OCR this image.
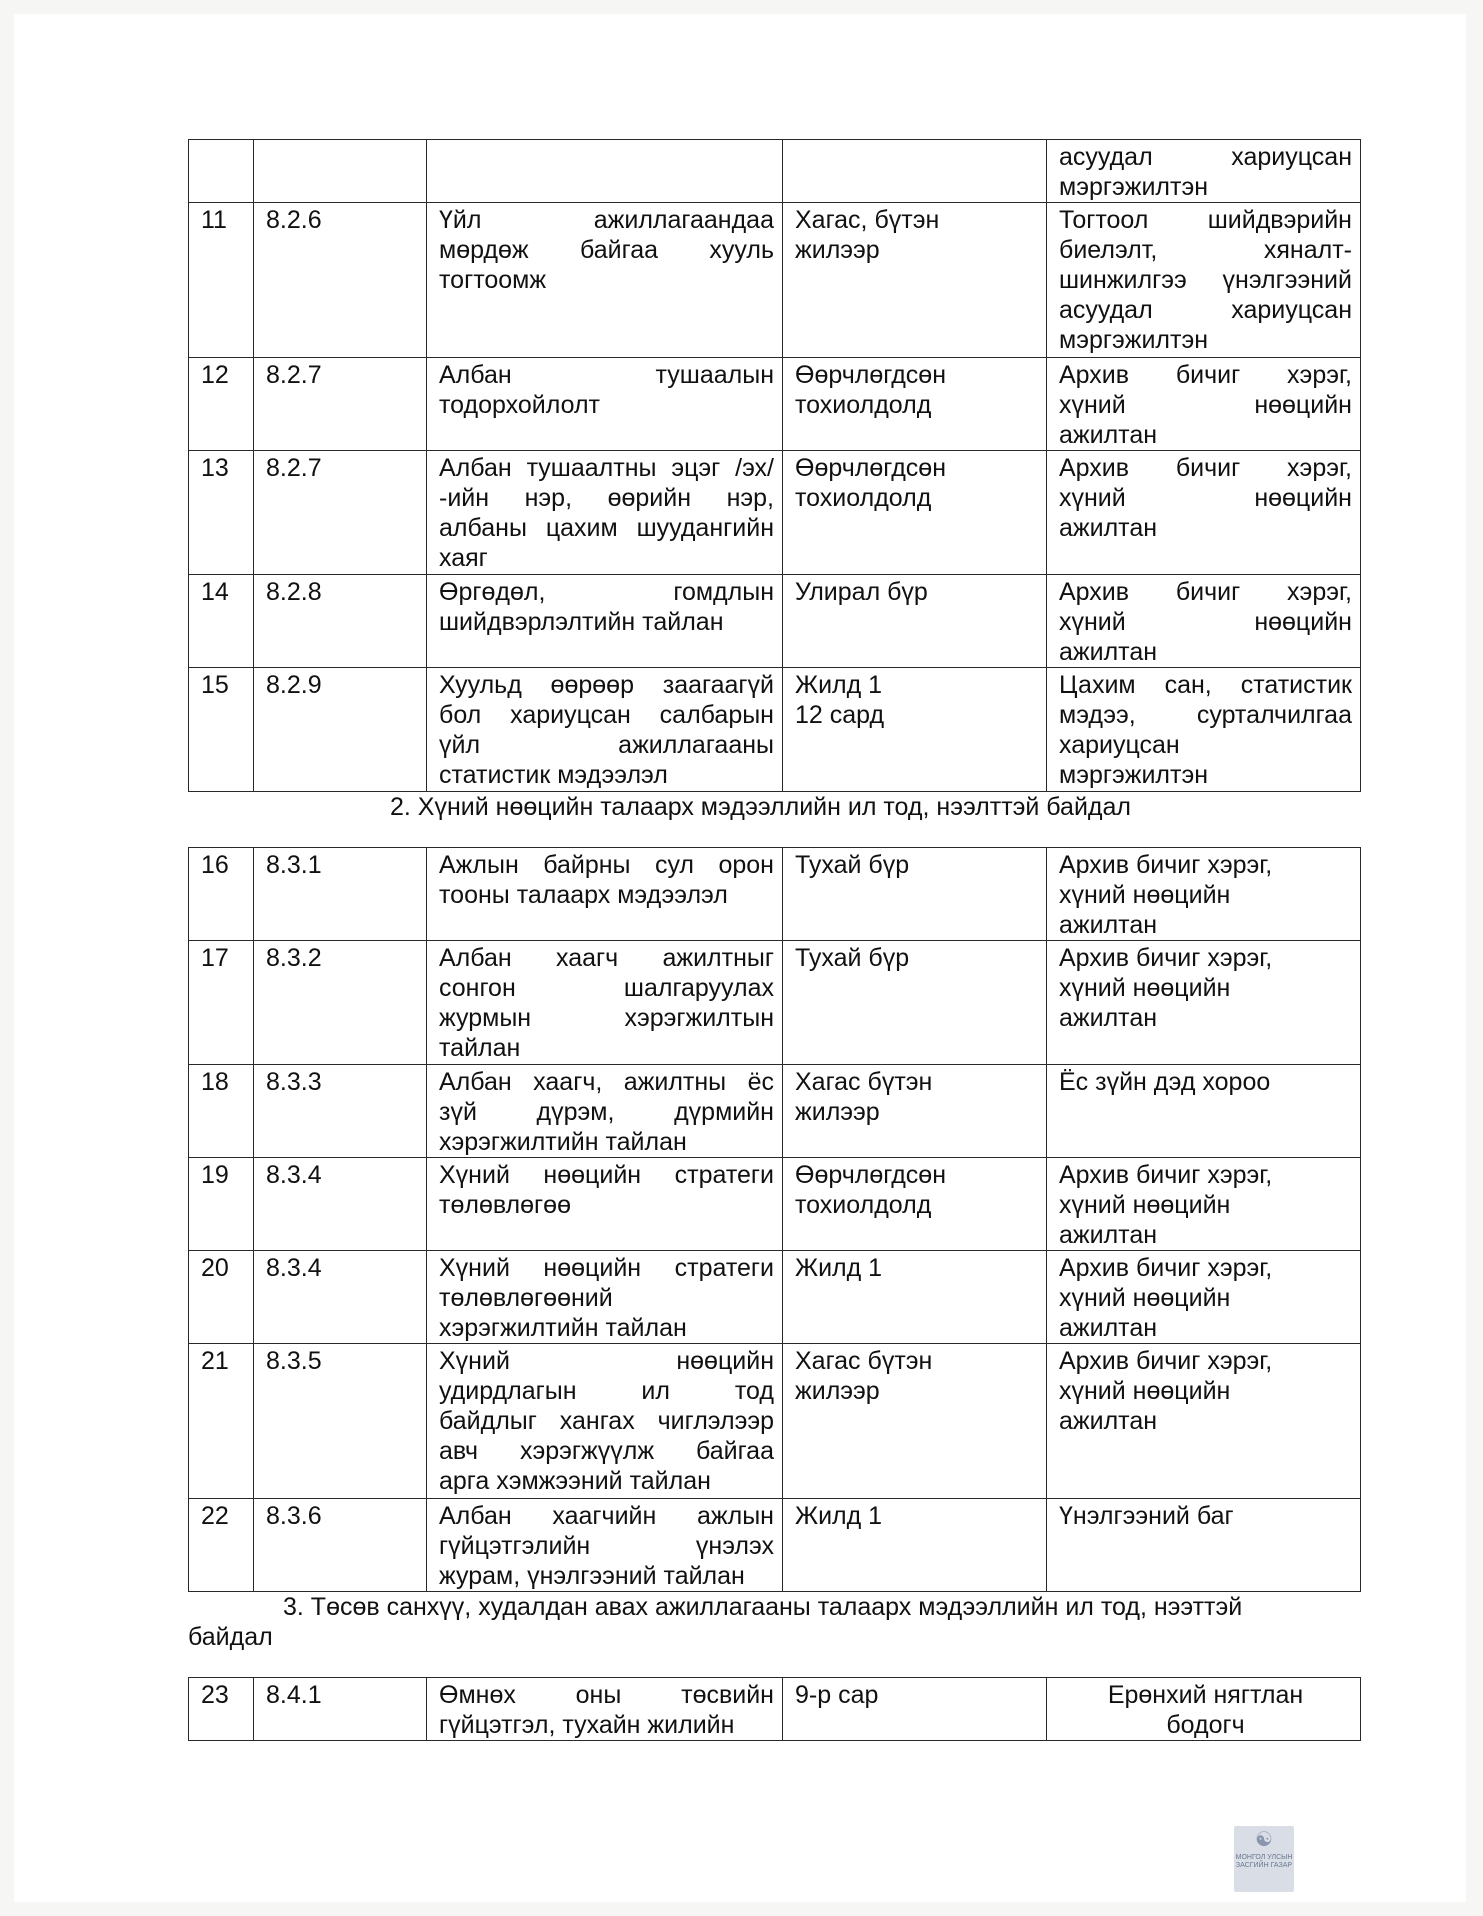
				асуудал хариуцсан
мэргэжилтэн

11	8.2.6	Үйл ажиллагаандаа
мөрдөж байгаа хууль
тогтоомж	Хагас, бүтэн
жилээр	Тогтоол шийдвэрийн
биелэлт, хяналт-
шинжилгээ үнэлгээний
асуудал хариуцсан
мэргэжилтэн

12	8.2.7	Албан тушаалын
тодорхойлолт	Өөрчлөгдсөн
тохиолдолд	Архив бичиг хэрэг,
хүний нөөцийн
ажилтан

13	8.2.7	Албан тушаалтны эцэг /эх/
-ийн нэр, өөрийн нэр,
албаны цахим шуудангийн
хаяг	Өөрчлөгдсөн
тохиолдолд	Архив бичиг хэрэг,
хүний нөөцийн
ажилтан

14	8.2.8	Өргөдөл, гомдлын
шийдвэрлэлтийн тайлан	Улирал бүр	Архив бичиг хэрэг,
хүний нөөцийн
ажилтан

15	8.2.9	Хуульд өөрөөр заагаагүй
бол хариуцсан салбарын
үйл ажиллагааны
статистик мэдээлэл	Жилд 1
12 сард	Цахим сан, статистик
мэдээ, сурталчилгаа
хариуцсан
мэргэжилтэн
2. Хүний нөөцийн талаарх мэдээллийн ил тод, нээлттэй байдал
16	8.3.1	Ажлын байрны сул орон
тооны талаарх мэдээлэл	Тухай бүр	Архив бичиг хэрэг,
хүний нөөцийн
ажилтан

17	8.3.2	Албан хаагч ажилтныг
сонгон шалгаруулах
журмын хэрэгжилтын
тайлан	Тухай бүр	Архив бичиг хэрэг,
хүний нөөцийн
ажилтан

18	8.3.3	Албан хаагч, ажилтны ёс
зүй дүрэм, дүрмийн
хэрэгжилтийн тайлан	Хагас бүтэн
жилээр	Ёс зүйн дэд хороо

19	8.3.4	Хүний нөөцийн стратеги
төлөвлөгөө	Өөрчлөгдсөн
тохиолдолд	Архив бичиг хэрэг,
хүний нөөцийн
ажилтан

20	8.3.4	Хүний нөөцийн стратеги
төлөвлөгөөний
хэрэгжилтийн тайлан	Жилд 1	Архив бичиг хэрэг,
хүний нөөцийн
ажилтан

21	8.3.5	Хүний нөөцийн
удирдлагын ил тод
байдлыг хангах чиглэлээр
авч хэрэгжүүлж байгаа
арга хэмжээний тайлан	Хагас бүтэн
жилээр	Архив бичиг хэрэг,
хүний нөөцийн
ажилтан

22	8.3.6	Албан хаагчийн ажлын
гүйцэтгэлийн үнэлэх
журам, үнэлгээний тайлан	Жилд 1	Үнэлгээний баг
3. Төсөв санхүү, худалдан авах ажиллагааны талаарх мэдээллийн ил тод, нээттэй
байдал
23	8.4.1	Өмнөх оны төсвийн
гүйцэтгэл, тухайн жилийн

9-р сар	Ерөнхий нягтлан
бодогч
☯
МОНГОЛ УЛСЫН
ЗАСГИЙН ГАЗАР
